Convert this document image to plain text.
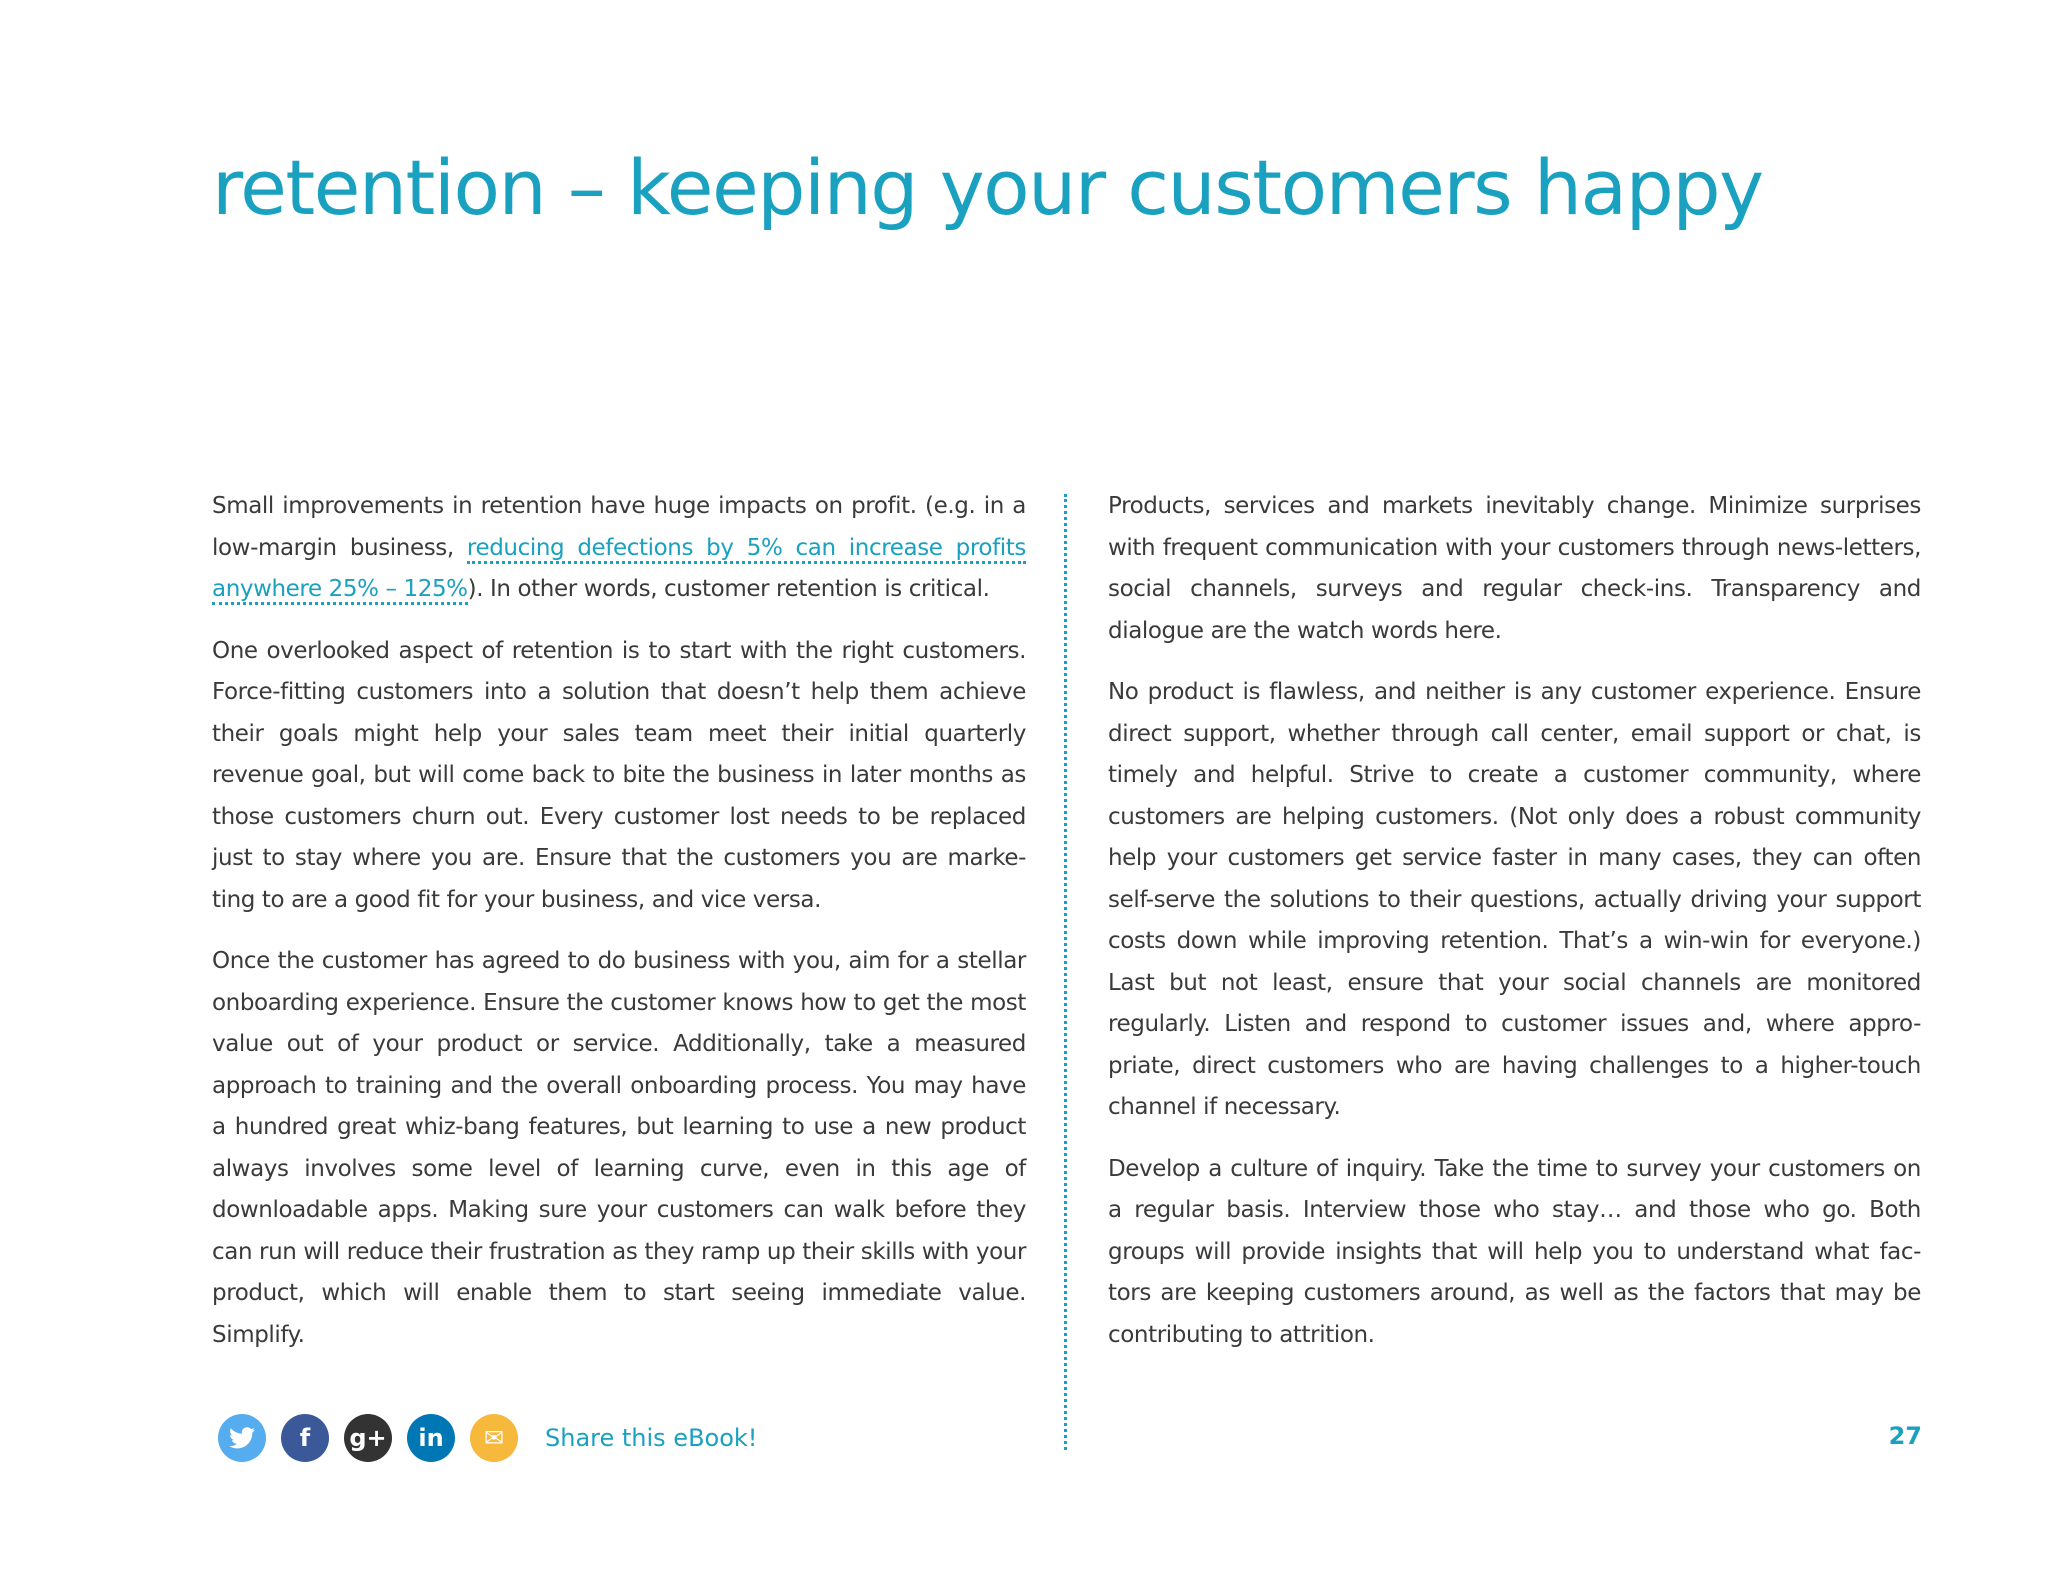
retention – keeping your customers happy

Small improvements in retention have huge impacts on profit. (e.g. in a low-margin business, reducing defections by 5% can increase profits anywhere 25% – 125%). In other words, customer retention is critical.

One overlooked aspect of retention is to start with the right customers. Force-fitting customers into a solution that doesn’t help them achieve their goals might help your sales team meet their initial quarterly revenue goal, but will come back to bite the business in later months as those customers churn out. Every customer lost needs to be replaced just to stay where you are. Ensure that the customers you are marke-ting to are a good fit for your business, and vice versa.

Once the customer has agreed to do business with you, aim for a stellar onboarding experience. Ensure the customer knows how to get the most value out of your product or service. Additionally, take a measured approach to training and the overall onboarding process. You may have a hundred great whiz-bang features, but learning to use a new product always involves some level of learning curve, even in this age of downloadable apps. Making sure your customers can walk before they can run will reduce their frustration as they ramp up their skills with your product, which will enable them to start seeing immediate value. Simplify.

Products, services and markets inevitably change. Minimize surprises with frequent communication with your customers through news-letters, social channels, surveys and regular check-ins. Transparency and dialogue are the watch words here.

No product is flawless, and neither is any customer experience. Ensure direct support, whether through call center, email support or chat, is timely and helpful. Strive to create a customer community, where customers are helping customers. (Not only does a robust community help your customers get service faster in many cases, they can often self-serve the solutions to their questions, actually driving your support costs down while improving retention. That’s a win-win for everyone.) Last but not least, ensure that your social channels are monitored regularly. Listen and respond to customer issues and, where appro-priate, direct customers who are having challenges to a higher-touch channel if necessary.

Develop a culture of inquiry. Take the time to survey your customers on a regular basis. Interview those who stay… and those who go. Both groups will provide insights that will help you to understand what fac-tors are keeping customers around, as well as the factors that may be contributing to attrition.

f	g+	in	✉	Share this eBook!	27
